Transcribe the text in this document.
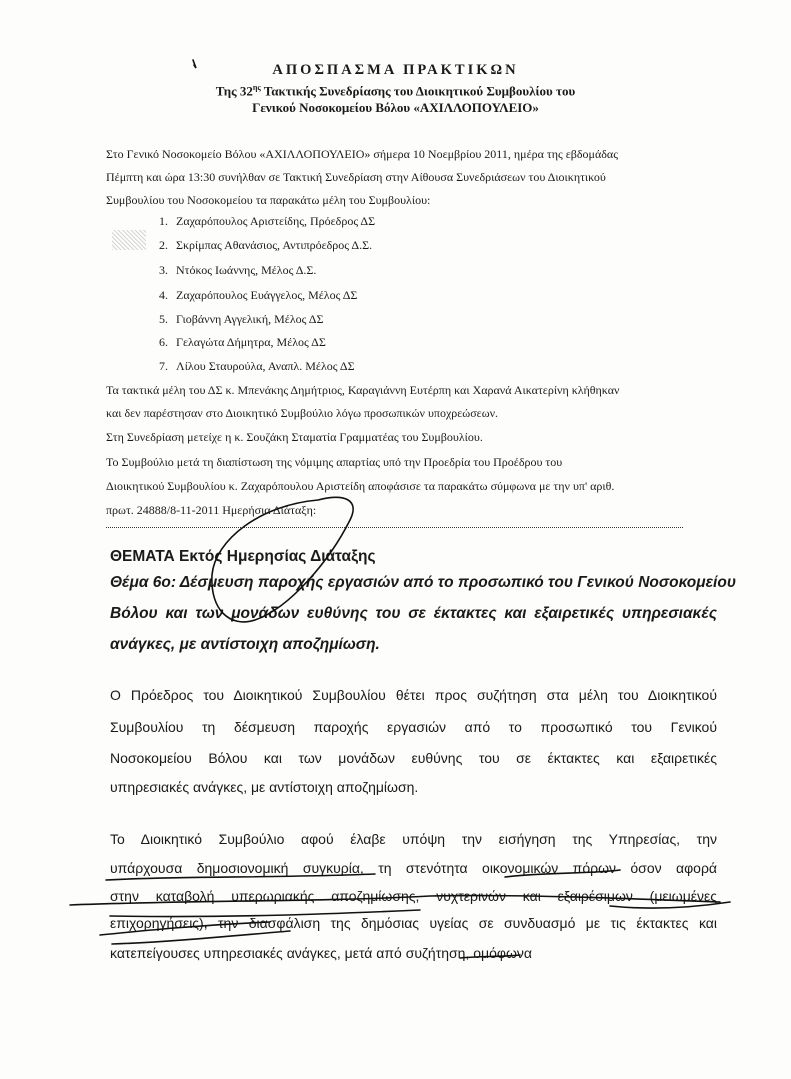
ΑΠΟΣΠΑΣΜΑ ΠΡΑΚΤΙΚΩΝ
Της $32^{\eta\varsigma}$ Τακτικής Συνεδρίασης του Διοικητικού Συμβουλίου του
Γενικού Νοσοκομείου Βόλου «ΑΧΙΛΛΟΠΟΥΛΕΙΟ»
Στο Γενικό Νοσοκομείο Βόλου «ΑΧΙΛΛΟΠΟΥΛΕΙΟ» σήμερα 10 Νοεμβρίου 2011, ημέρα της εβδομάδας
Πέμπτη και ώρα 13:30 συνήλθαν σε Τακτική Συνεδρίαση στην Αίθουσα Συνεδριάσεων του Διοικητικού
Συμβουλίου του Νοσοκομείου τα παρακάτω μέλη του Συμβουλίου:
1. Ζαχαρόπουλος Αριστείδης, Πρόεδρος ΔΣ
2. Σκρίμπας Αθανάσιος, Αντιπρόεδρος Δ.Σ.
3. Ντόκος Ιωάννης, Μέλος Δ.Σ.
4. Ζαχαρόπουλος Ευάγγελος, Μέλος ΔΣ
5. Γιοβάννη Αγγελική, Μέλος ΔΣ
6. Γελαγώτα Δήμητρα, Μέλος ΔΣ
7. Λίλου Σταυρούλα, Αναπλ. Μέλος ΔΣ
Τα τακτικά μέλη του ΔΣ κ. Μπενάκης Δημήτριος, Καραγιάννη Ευτέρπη και Χαρανά Αικατερίνη κλήθηκαν
και δεν παρέστησαν στο Διοικητικό Συμβούλιο λόγω προσωπικών υποχρεώσεων.
Στη Συνεδρίαση μετείχε η κ. Σουζάκη Σταματία Γραμματέας του Συμβουλίου.
Το Συμβούλιο μετά τη διαπίστωση της νόμιμης απαρτίας υπό την Προεδρία του Προέδρου του
Διοικητικού Συμβουλίου κ. Ζαχαρόπουλου Αριστείδη αποφάσισε τα παρακάτω σύμφωνα με την υπ' αριθ.
πρωτ. 24888/8-11-2011 Ημερήσια Διάταξη:
ΘΕΜΑΤΑ Εκτός Ημερησίας Διάταξης
Θέμα 6ο: Δέσμευση παροχής εργασιών από το προσωπικό του Γενικού Νοσοκομείου
Βόλου και των μονάδων ευθύνης του σε έκτακτες και εξαιρετικές υπηρεσιακές
ανάγκες, με αντίστοιχη αποζημίωση.
Ο Πρόεδρος του Διοικητικού Συμβουλίου θέτει προς συζήτηση στα μέλη του Διοικητικού
Συμβουλίου τη δέσμευση παροχής εργασιών από το προσωπικό του Γενικού
Νοσοκομείου Βόλου και των μονάδων ευθύνης του σε έκτακτες και εξαιρετικές
υπηρεσιακές ανάγκες, με αντίστοιχη αποζημίωση.
Το Διοικητικό Συμβούλιο αφού έλαβε υπόψη την εισήγηση της Υπηρεσίας, την
υπάρχουσα δημοσιονομική συγκυρία, τη στενότητα οικονομικών πόρων όσον αφορά
στην καταβολή υπερωριακής αποζημίωσης, νυχτερινών και εξαιρέσιμων (μειωμένες
επιχορηγήσεις), την διασφάλιση της δημόσιας υγείας σε συνδυασμό με τις έκτακτες και
κατεπείγουσες υπηρεσιακές ανάγκες, μετά από συζήτηση, ομόφωνα
